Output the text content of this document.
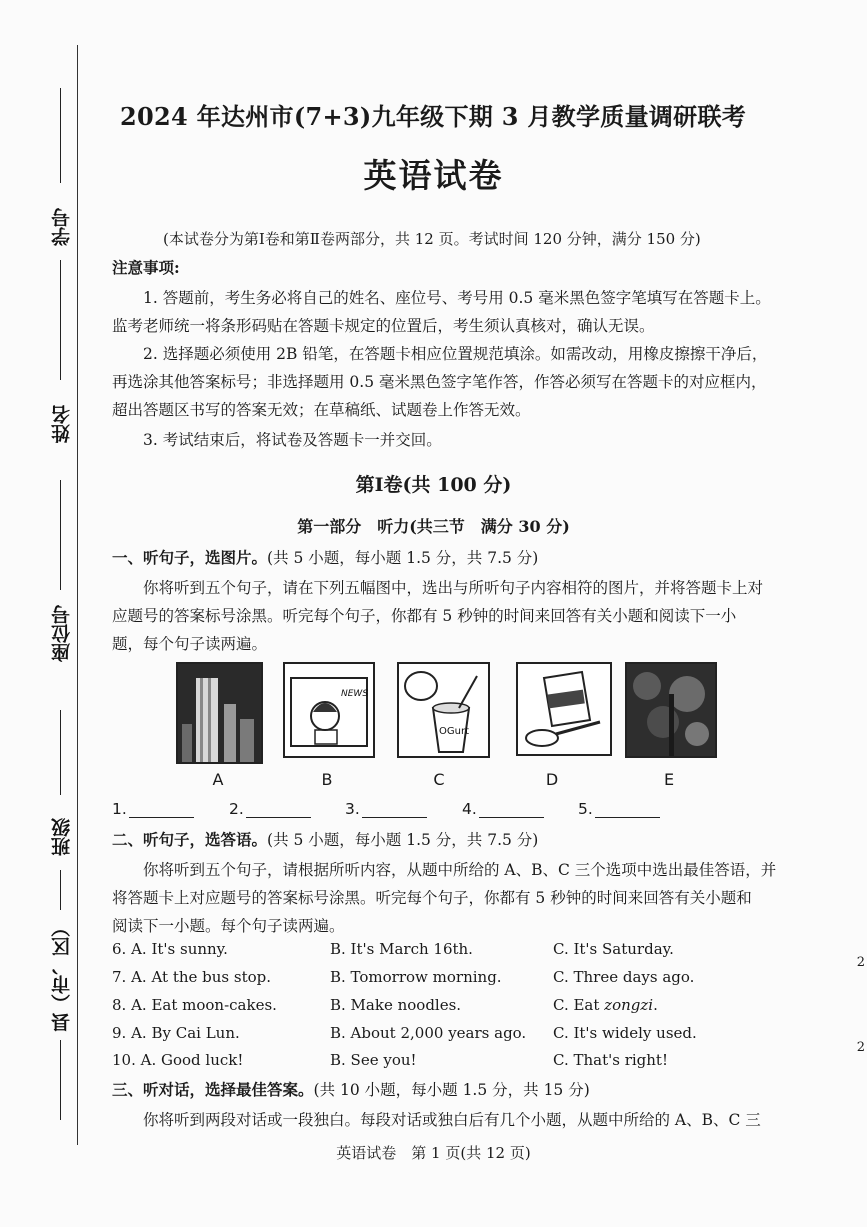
学号
姓名
座位号
班级
县（市、区）
2024 年达州市(7+3)九年级下期 3 月教学质量调研联考
英语试卷
(本试卷分为第Ⅰ卷和第Ⅱ卷两部分，共 12 页。考试时间 120 分钟，满分 150 分)
注意事项:
1. 答题前，考生务必将自己的姓名、座位号、考号用 0.5 毫米黑色签字笔填写在答题卡上。
监考老师统一将条形码贴在答题卡规定的位置后，考生须认真核对，确认无误。
2. 选择题必须使用 2B 铅笔，在答题卡相应位置规范填涂。如需改动，用橡皮擦擦干净后，
再选涂其他答案标号；非选择题用 0.5 毫米黑色签字笔作答，作答必须写在答题卡的对应框内，
超出答题区书写的答案无效；在草稿纸、试题卷上作答无效。
3. 考试结束后，将试卷及答题卡一并交回。
第Ⅰ卷(共 100 分)
第一部分　听力(共三节　满分 30 分)
一、听句子，选图片。(共 5 小题，每小题 1.5 分，共 7.5 分)
你将听到五个句子，请在下列五幅图中，选出与所听句子内容相符的图片，并将答题卡上对
应题号的答案标号涂黑。听完每个句子，你都有 5 秒钟的时间来回答有关小题和阅读下一小
题，每个句子读两遍。
NEWS
OGurt
A	B	C	D	E
1.	2.	3.	4.	5.
二、听句子，选答语。(共 5 小题，每小题 1.5 分，共 7.5 分)
你将听到五个句子，请根据所听内容，从题中所给的 A、B、C 三个选项中选出最佳答语，并
将答题卡上对应题号的答案标号涂黑。听完每个句子，你都有 5 秒钟的时间来回答有关小题和
阅读下一小题。每个句子读两遍。
6. A. It's sunny.	B. It's March 16th.	C. It's Saturday.
7. A. At the bus stop.	B. Tomorrow morning.	C. Three days ago.
8. A. Eat moon-cakes.	B. Make noodles.	C. Eat zongzi.
9. A. By Cai Lun.	B. About 2,000 years ago. C. It's widely used.
10. A. Good luck!	B. See you!	C. That's right!
三、听对话，选择最佳答案。(共 10 小题，每小题 1.5 分，共 15 分)
你将听到两段对话或一段独白。每段对话或独白后有几个小题，从题中所给的 A、B、C 三
英语试卷　第 1 页(共 12 页)
2
2
